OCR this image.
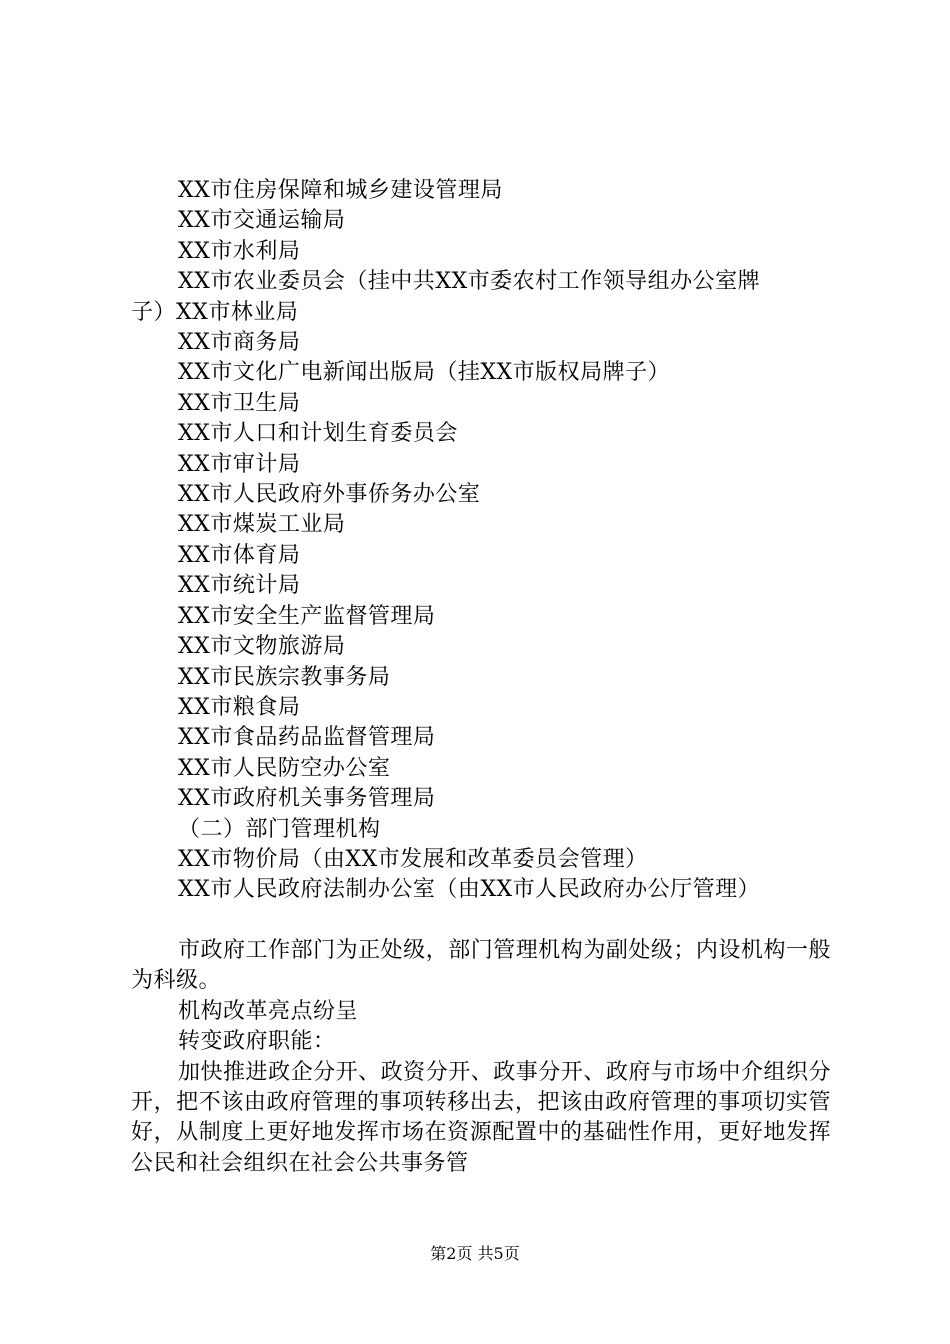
XX市住房保障和城乡建设管理局
XX市交通运输局
XX市水利局
XX市农业委员会（挂中共XX市委农村工作领导组办公室牌
子）XX市林业局
XX市商务局
XX市文化广电新闻出版局（挂XX市版权局牌子）
XX市卫生局
XX市人口和计划生育委员会
XX市审计局
XX市人民政府外事侨务办公室
XX市煤炭工业局
XX市体育局
XX市统计局
XX市安全生产监督管理局
XX市文物旅游局
XX市民族宗教事务局
XX市粮食局
XX市食品药品监督管理局
XX市人民防空办公室
XX市政府机关事务管理局
（二）部门管理机构
XX市物价局（由XX市发展和改革委员会管理）
XX市人民政府法制办公室（由XX市人民政府办公厅管理）
市政府工作部门为正处级，部门管理机构为副处级；内设机构一般为科级。
机构改革亮点纷呈
转变政府职能：
加快推进政企分开、政资分开、政事分开、政府与市场中介组织分开，把不该由政府管理的事项转移出去，把该由政府管理的事项切实管好，从制度上更好地发挥市场在资源配置中的基础性作用，更好地发挥公民和社会组织在社会公共事务管
第2页 共5页
